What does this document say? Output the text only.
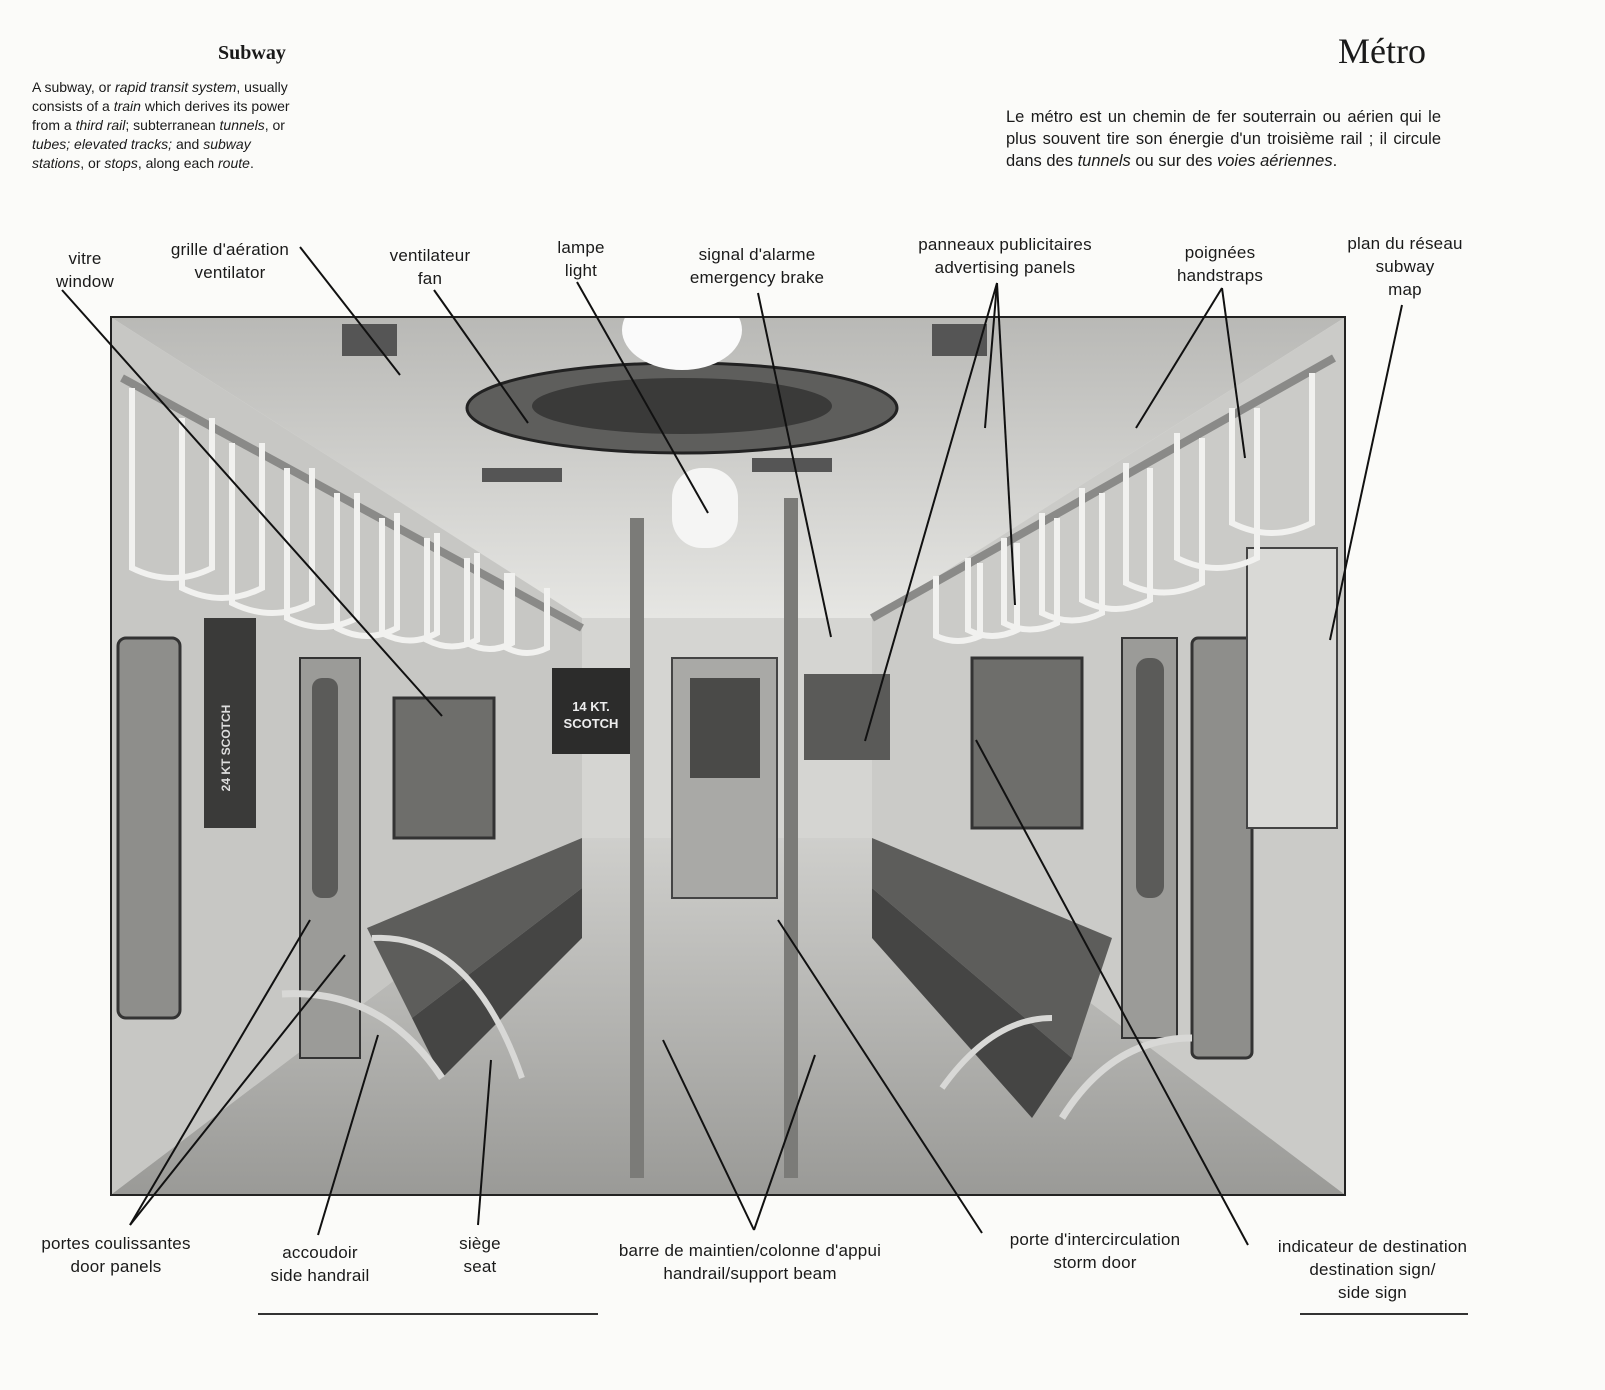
Subway	Métro
A subway, or rapid transit system, usually consists of a train which derives its power from a third rail; subterranean tunnels, or tubes; elevated tracks; and subway stations, or stops, along each route.
Le métro est un chemin de fer souterrain ou aérien qui le plus souvent tire son énergie d'un troisième rail ; il circule dans des tunnels ou sur des voies aériennes.
14 KT.
SCOTCH
24 KT SCOTCH
vitre
window
grille d'aération
ventilator
ventilateur
fan
lampe
light
signal d'alarme
emergency brake
panneaux publicitaires
advertising panels
poignées
handstraps
plan du réseau
subway
map
portes coulissantes
door panels
accoudoir
side handrail
siège
seat
barre de maintien/colonne d'appui
handrail/support beam
porte d'intercirculation
storm door
indicateur de destination
destination sign/
side sign
